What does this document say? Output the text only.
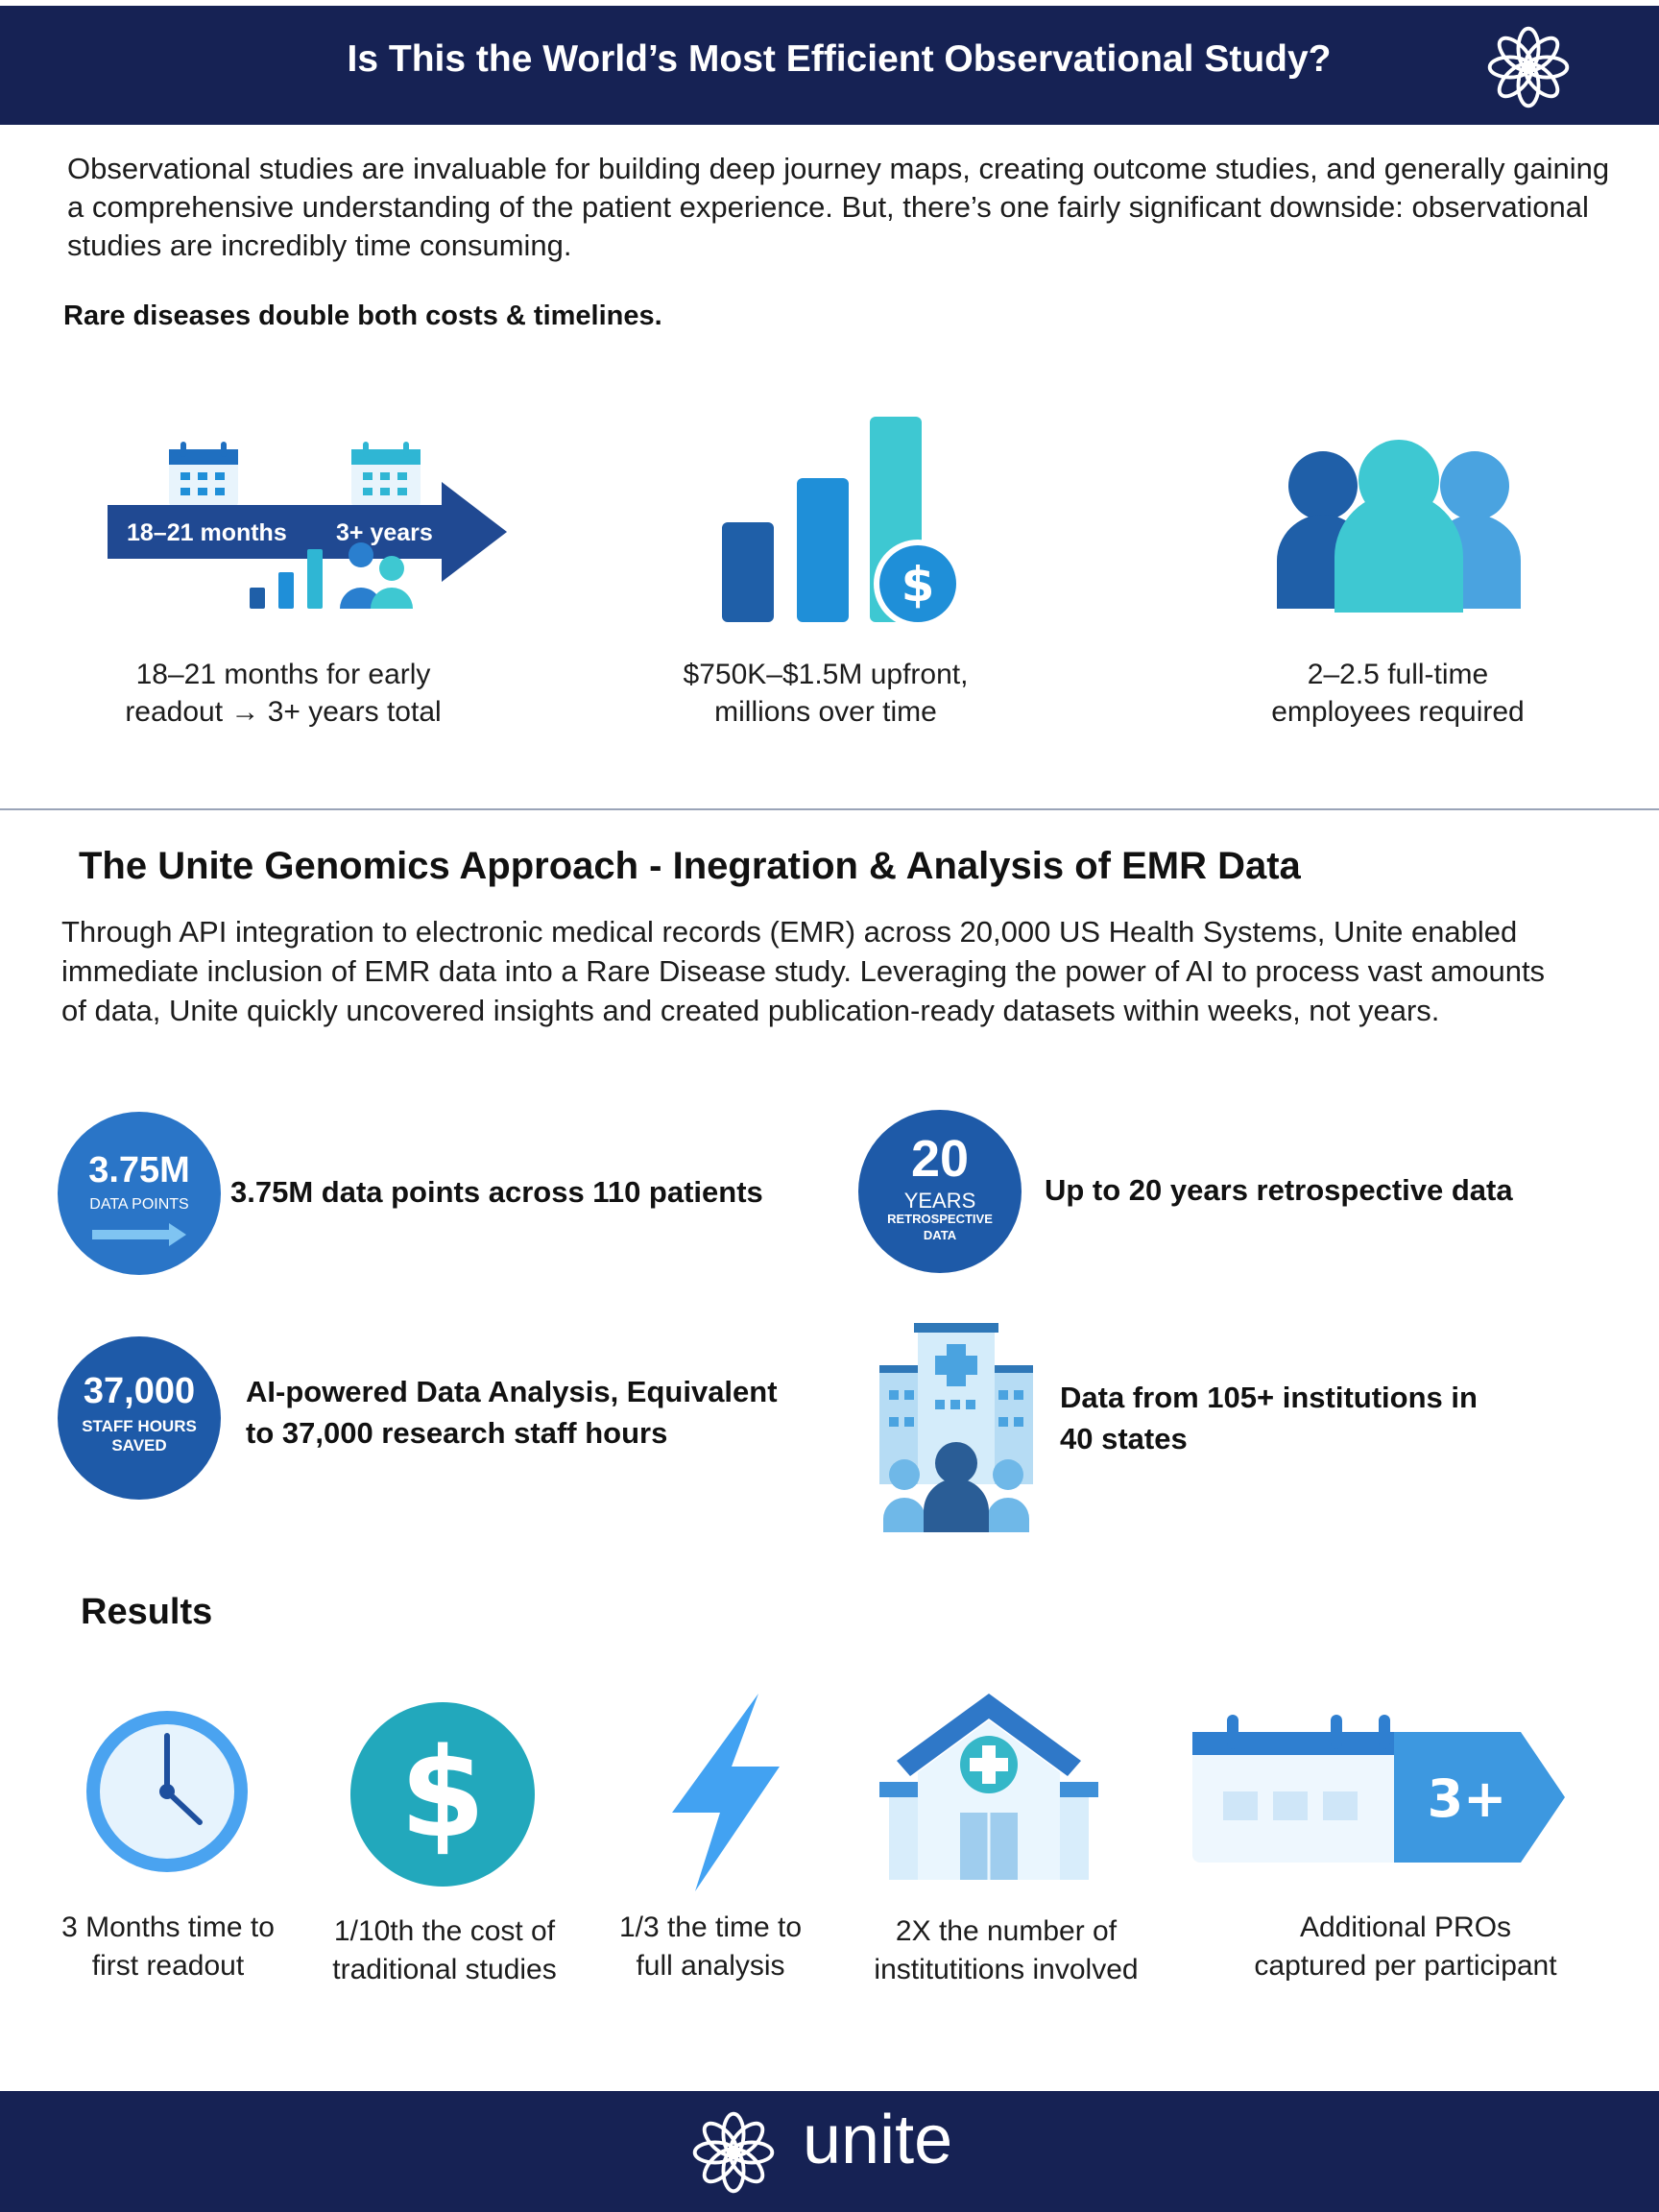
Is This the World’s Most Efficient Observational Study?
Observational studies are invaluable for building deep journey maps, creating outcome studies, and generally gaining a comprehensive understanding of the patient experience. But, there’s one fairly significant downside: observational studies are incredibly time consuming.
Rare diseases double both costs & timelines.
18–21 months 3+ years
18–21 months for early
readout → 3+ years total
$
$750K–$1.5M upfront,
millions over time
2–2.5 full-time
employees required
The Unite Genomics Approach - Inegration & Analysis of EMR Data
Through API integration to electronic medical records (EMR) across 20,000 US Health Systems, Unite enabled
immediate inclusion of EMR data into a Rare Disease study. Leveraging the power of AI to process vast amounts
of data, Unite quickly uncovered insights and created publication-ready datasets within weeks, not years.
3.75M
DATA POINTS	3.75M data points across 110 patients
20
YEARS
RETROSPECTIVE
DATA
Up to 20 years retrospective data
37,000
STAFF HOURS
SAVED
AI-powered Data Analysis, Equivalent
to 37,000 research staff hours
Data from 105+ institutions in
40 states
Results
3 Months time to
first readout
$
1/10th the cost of
traditional studies
1/3 the time to
full analysis
2X the number of
institutitions involved
3+
Additional PROs
captured per participant
unite
